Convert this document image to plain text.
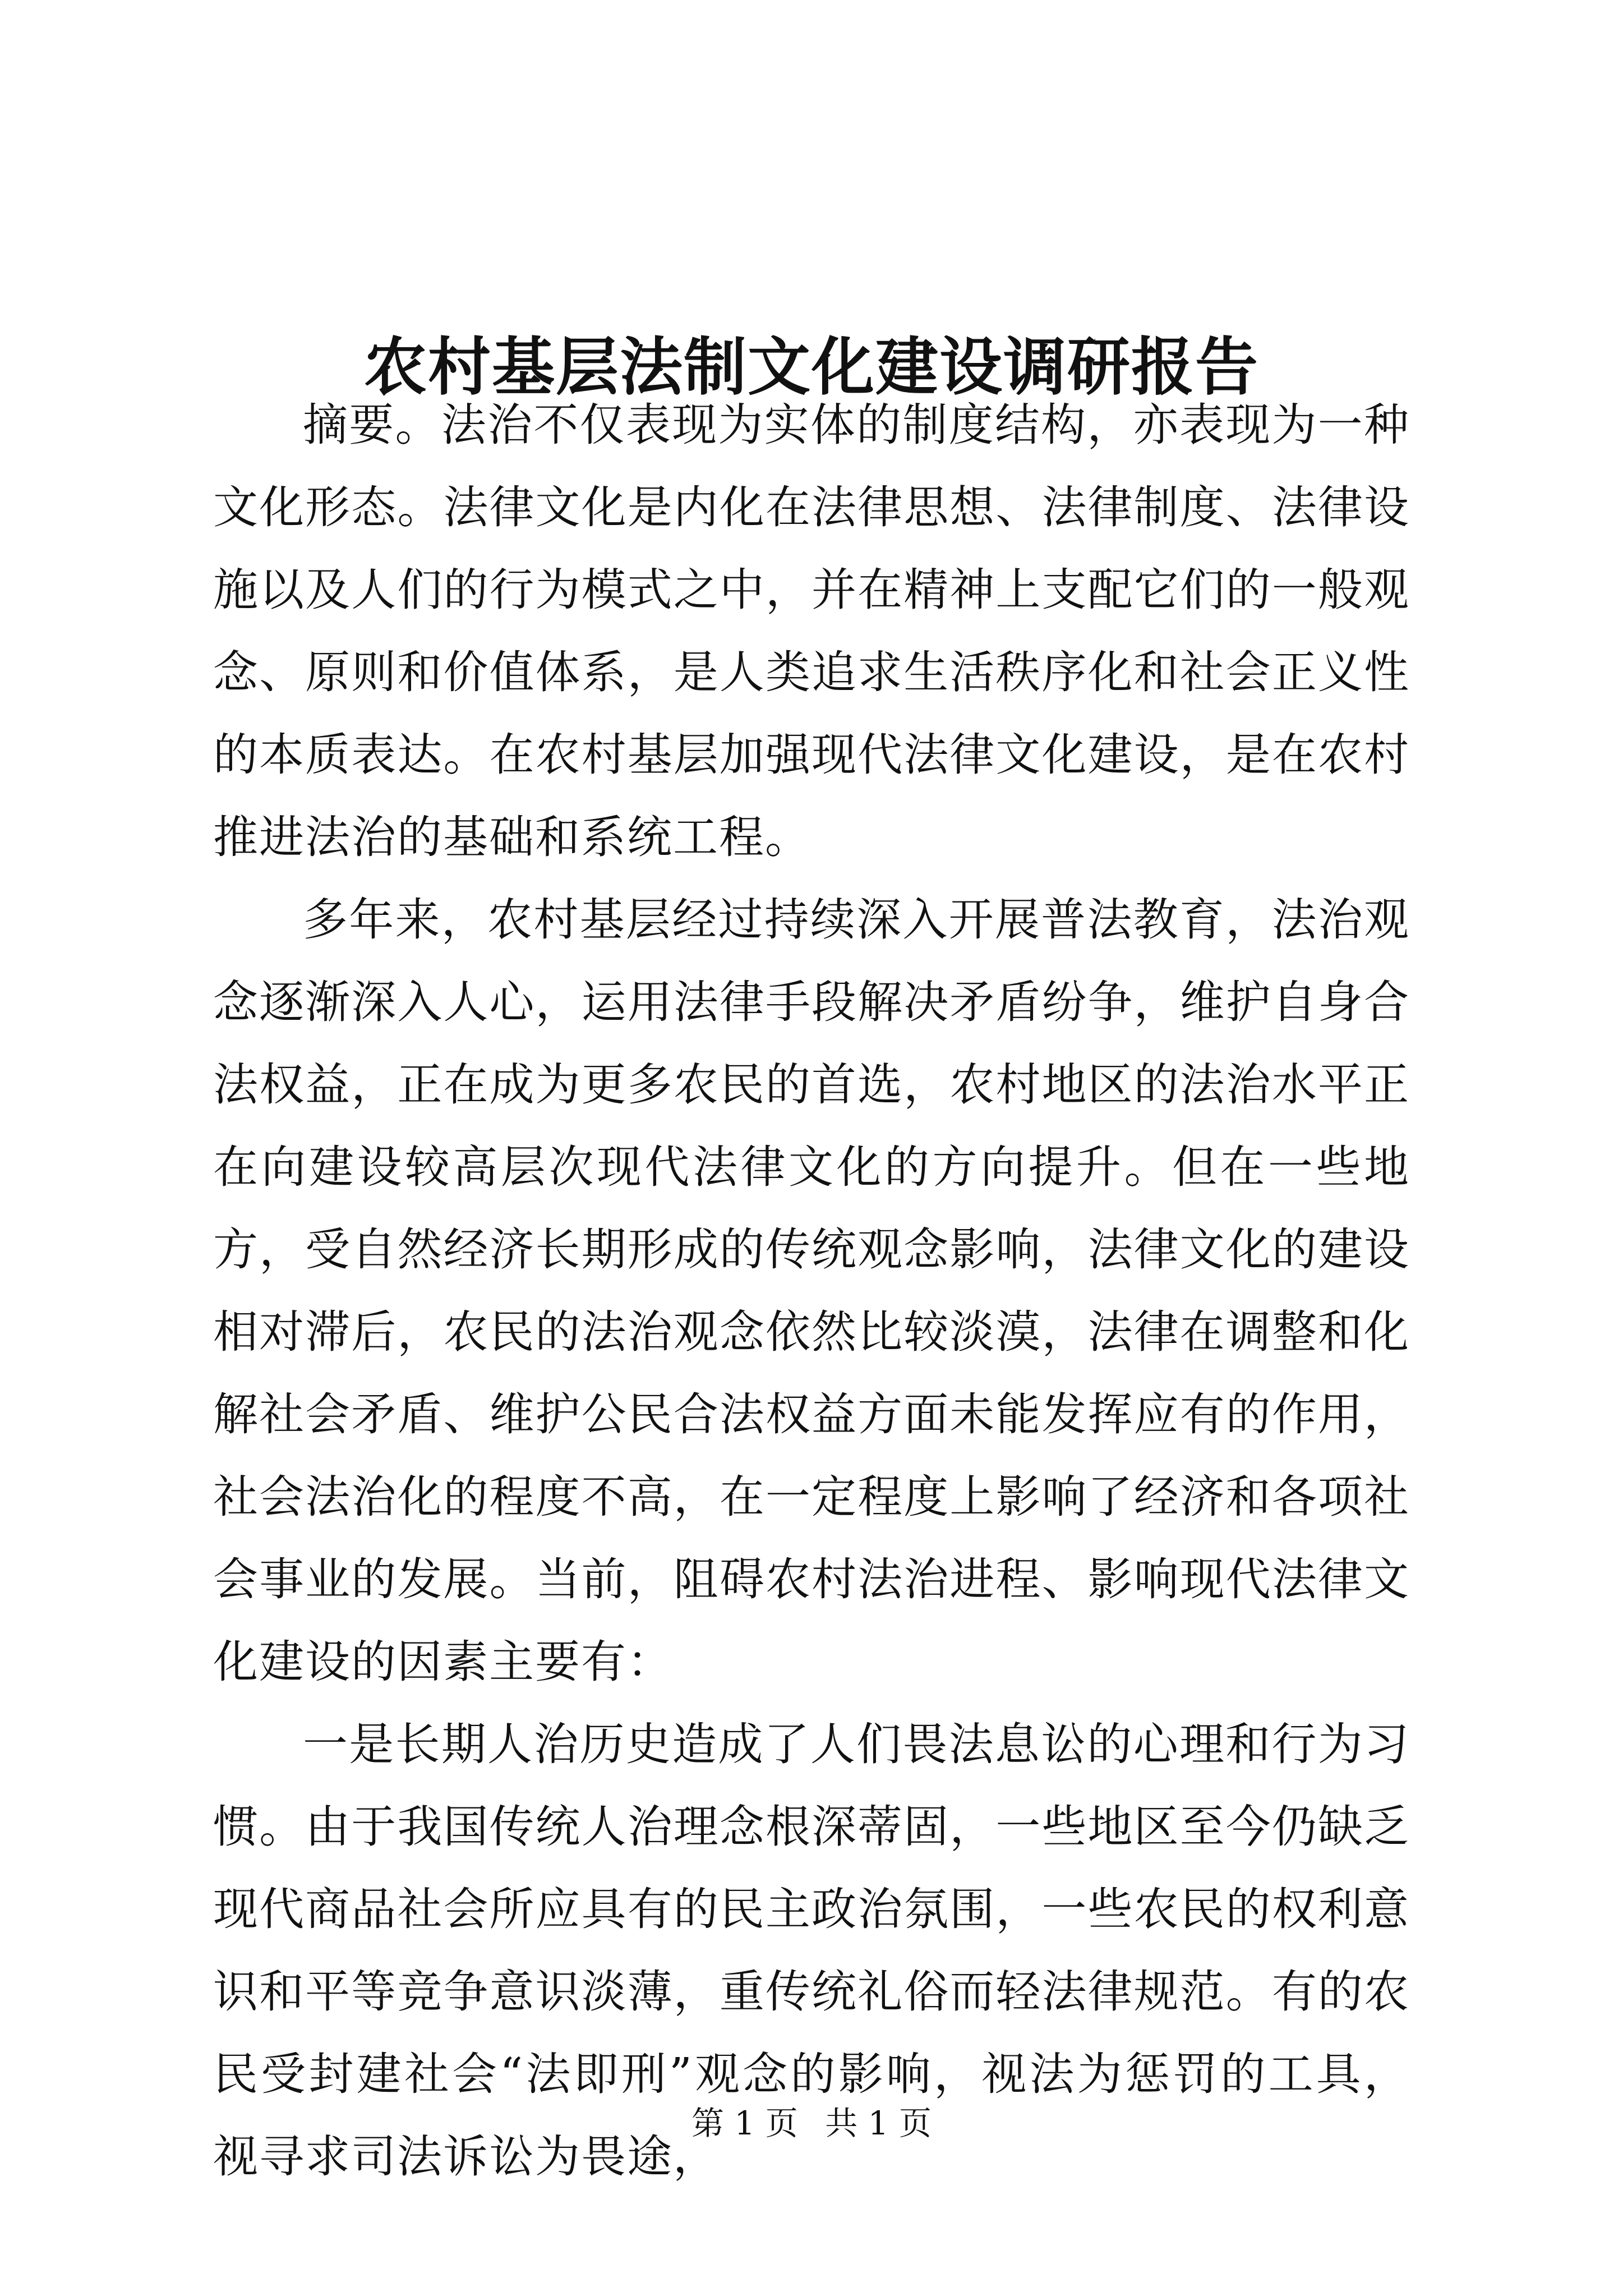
农村基层法制文化建设调研报告

摘要。法治不仅表现为实体的制度结构，亦表现为一种文化形态。法律文化是内化在法律思想、法律制度、法律设施以及人们的行为模式之中，并在精神上支配它们的一般观念、原则和价值体系，是人类追求生活秩序化和社会正义性的本质表达。在农村基层加强现代法律文化建设，是在农村推进法治的基础和系统工程。

多年来，农村基层经过持续深入开展普法教育，法治观念逐渐深入人心，运用法律手段解决矛盾纷争，维护自身合法权益，正在成为更多农民的首选，农村地区的法治水平正在向建设较高层次现代法律文化的方向提升。但在一些地方，受自然经济长期形成的传统观念影响，法律文化的建设相对滞后，农民的法治观念依然比较淡漠，法律在调整和化解社会矛盾、维护公民合法权益方面未能发挥应有的作用，社会法治化的程度不高，在一定程度上影响了经济和各项社会事业的发展。当前，阻碍农村法治进程、影响现代法律文化建设的因素主要有：

一是长期人治历史造成了人们畏法息讼的心理和行为习惯。由于我国传统人治理念根深蒂固，一些地区至今仍缺乏现代商品社会所应具有的民主政治氛围，一些农民的权利意识和平等竞争意识淡薄，重传统礼俗而轻法律规范。有的农民受封建社会“法即刑”观念的影响，视法为惩罚的工具，视寻求司法诉讼为畏途，

第 1 页 共 1 页
